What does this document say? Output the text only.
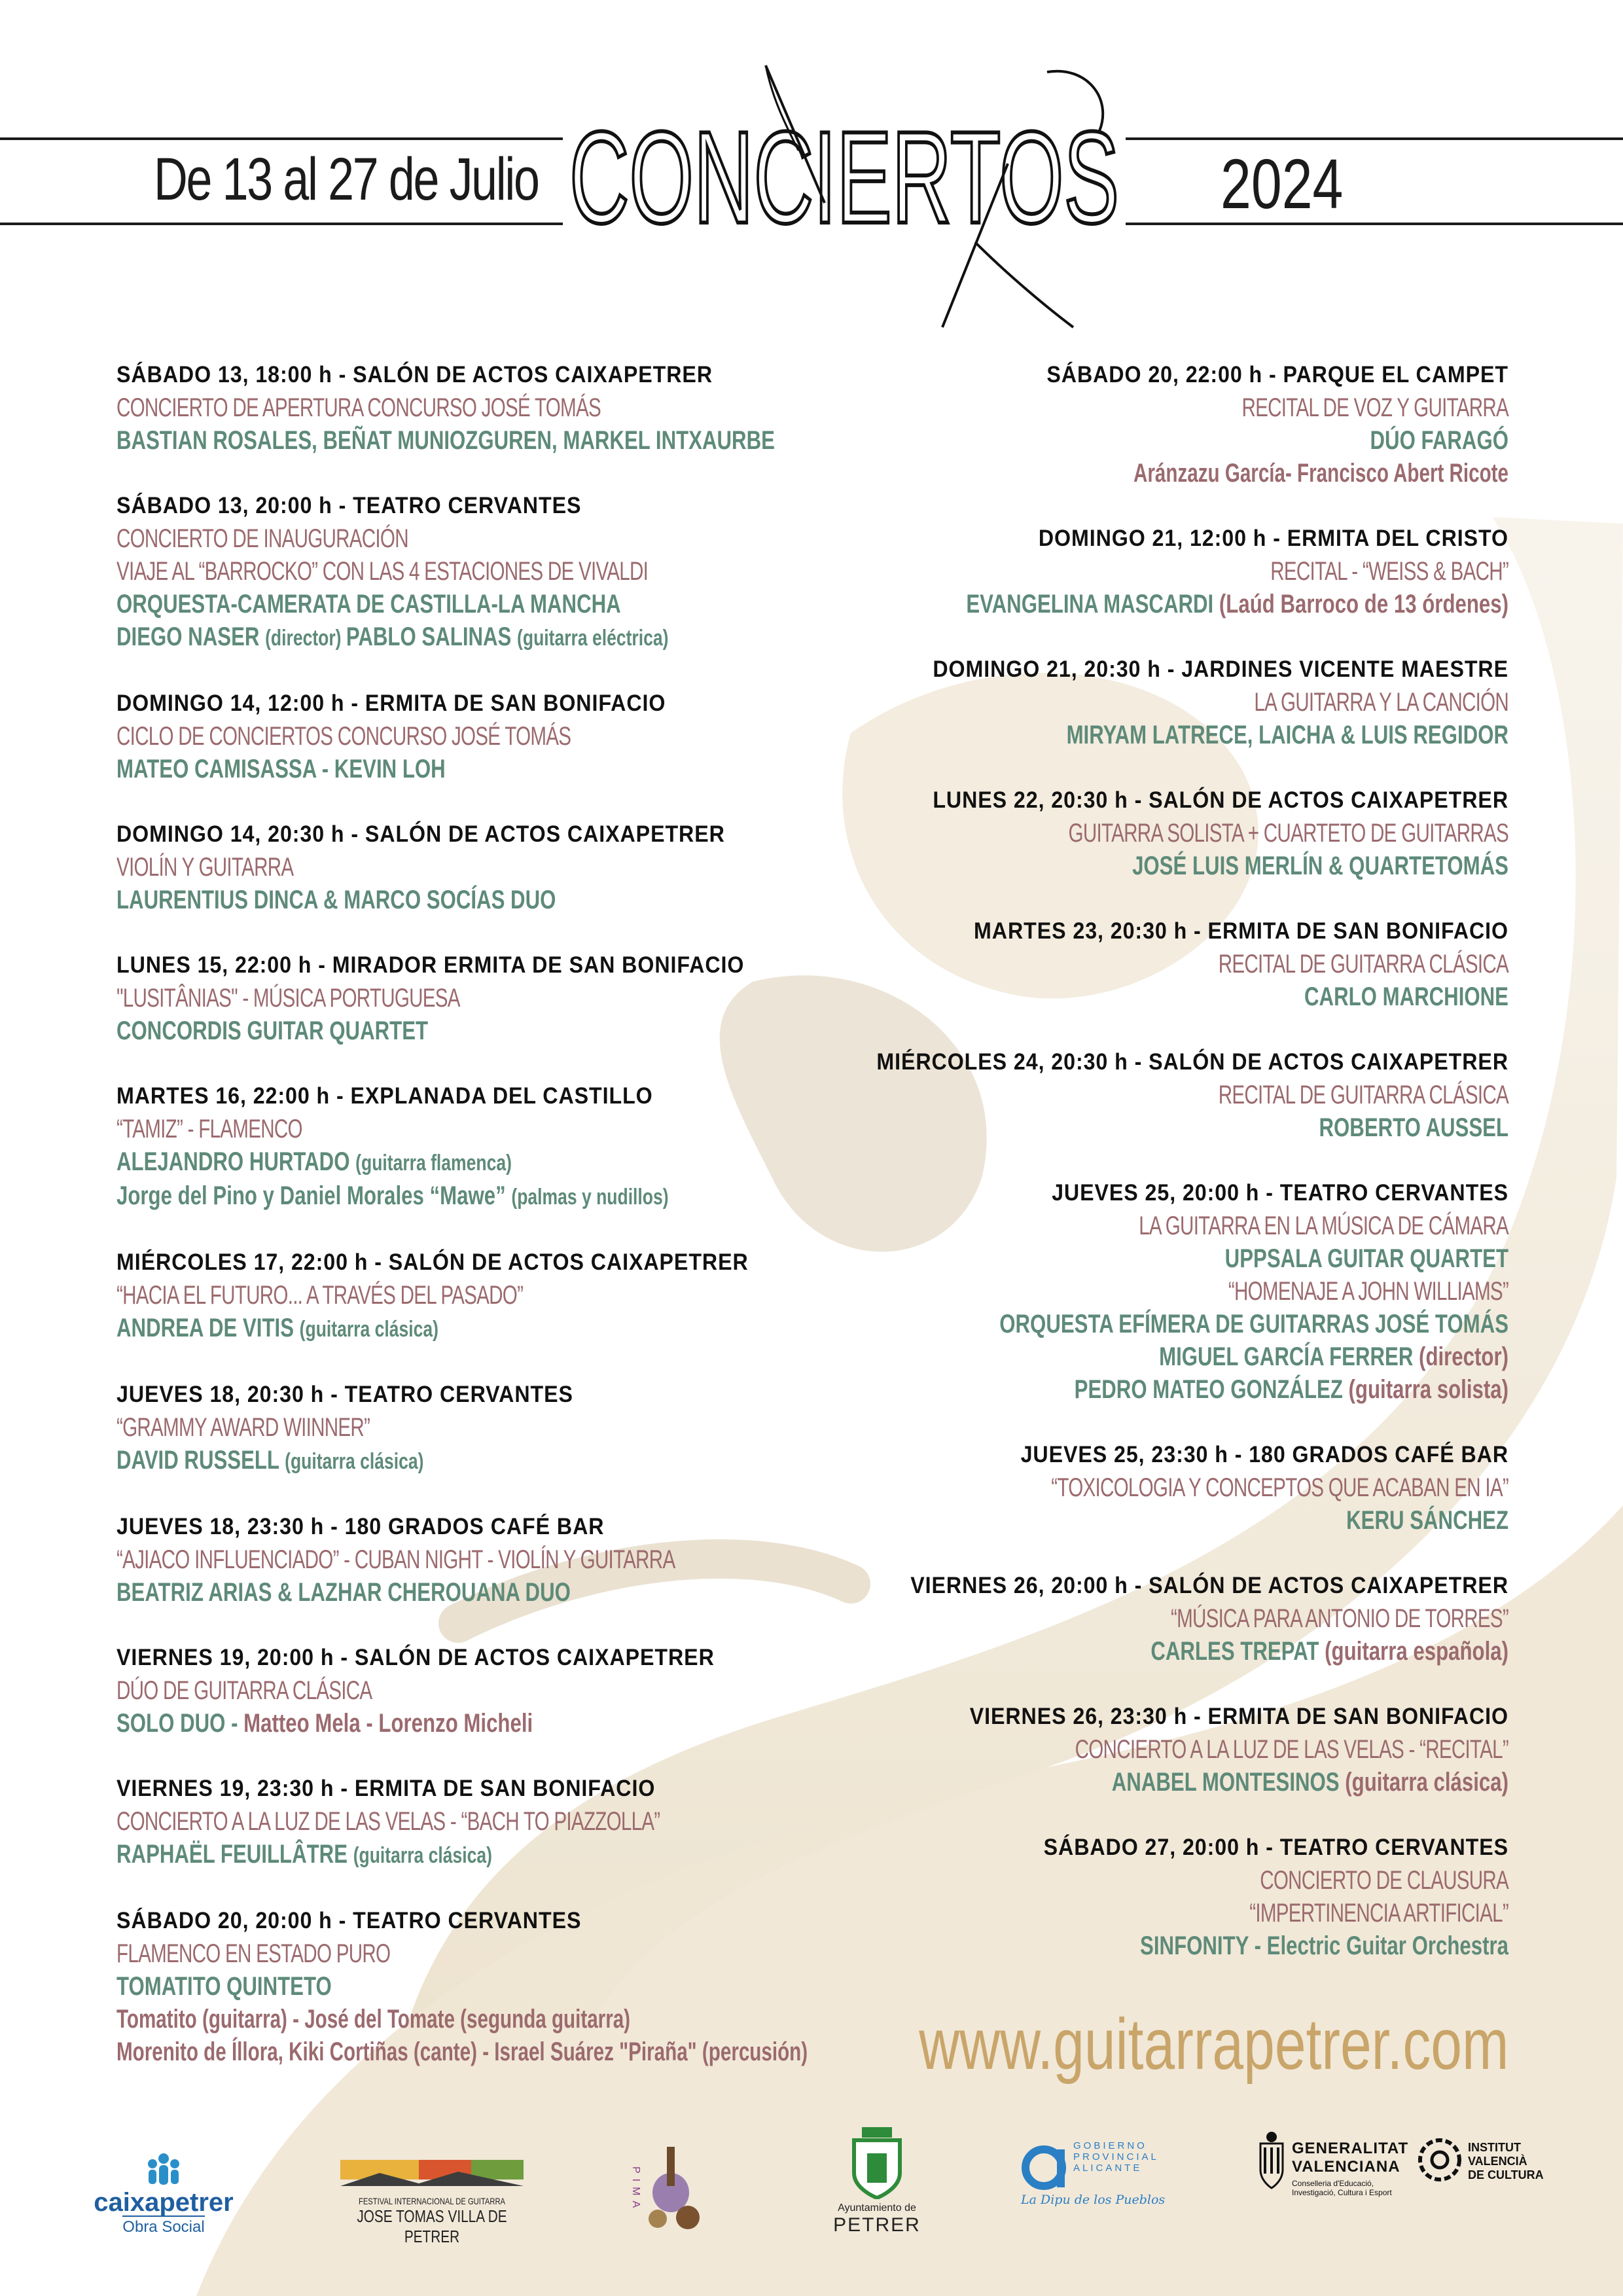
De 13 al 27 de Julio	2024
CONCIERTOS
SÁBADO 13, 18:00 h - SALÓN DE ACTOS CAIXAPETRER
CONCIERTO DE APERTURA CONCURSO JOSÉ TOMÁS
BASTIAN ROSALES, BEÑAT MUNIOZGUREN, MARKEL INTXAURBE
SÁBADO 13, 20:00 h - TEATRO CERVANTES
CONCIERTO DE INAUGURACIÓN
VIAJE AL “BARROCKO” CON LAS 4 ESTACIONES DE VIVALDI
ORQUESTA-CAMERATA DE CASTILLA-LA MANCHA
DIEGO NASER (director) PABLO SALINAS (guitarra eléctrica)
DOMINGO 14, 12:00 h - ERMITA DE SAN BONIFACIO
CICLO DE CONCIERTOS CONCURSO JOSÉ TOMÁS
MATEO CAMISASSA - KEVIN LOH
DOMINGO 14, 20:30 h - SALÓN DE ACTOS CAIXAPETRER
VIOLÍN Y GUITARRA
LAURENTIUS DINCA & MARCO SOCÍAS DUO
LUNES 15, 22:00 h - MIRADOR ERMITA DE SAN BONIFACIO
"LUSITÂNIAS" - MÚSICA PORTUGUESA
CONCORDIS GUITAR QUARTET
MARTES 16, 22:00 h - EXPLANADA DEL CASTILLO
“TAMIZ” - FLAMENCO
ALEJANDRO HURTADO (guitarra flamenca)
Jorge del Pino y Daniel Morales “Mawe” (palmas y nudillos)
MIÉRCOLES 17, 22:00 h - SALÓN DE ACTOS CAIXAPETRER
“HACIA EL FUTURO... A TRAVÉS DEL PASADO”
ANDREA DE VITIS (guitarra clásica)
JUEVES 18, 20:30 h - TEATRO CERVANTES
“GRAMMY AWARD WIINNER”
DAVID RUSSELL (guitarra clásica)
JUEVES 18, 23:30 h - 180 GRADOS CAFÉ BAR
“AJIACO INFLUENCIADO” - CUBAN NIGHT - VIOLÍN Y GUITARRA
BEATRIZ ARIAS & LAZHAR CHEROUANA DUO
VIERNES 19, 20:00 h - SALÓN DE ACTOS CAIXAPETRER
DÚO DE GUITARRA CLÁSICA
SOLO DUO - Matteo Mela - Lorenzo Micheli
VIERNES 19, 23:30 h - ERMITA DE SAN BONIFACIO
CONCIERTO A LA LUZ DE LAS VELAS - “BACH TO PIAZZOLLA”
RAPHAËL FEUILLÂTRE (guitarra clásica)
SÁBADO 20, 20:00 h - TEATRO CERVANTES
FLAMENCO EN ESTADO PURO
TOMATITO QUINTETO
Tomatito (guitarra) - José del Tomate (segunda guitarra)
Morenito de Íllora, Kiki Cortiñas (cante) - Israel Suárez "Piraña" (percusión)
SÁBADO 20, 22:00 h - PARQUE EL CAMPET
RECITAL DE VOZ Y GUITARRA
DÚO FARAGÓ
Aránzazu García- Francisco Abert Ricote
DOMINGO 21, 12:00 h - ERMITA DEL CRISTO
RECITAL - “WEISS & BACH”
EVANGELINA MASCARDI (Laúd Barroco de 13 órdenes)
DOMINGO 21, 20:30 h - JARDINES VICENTE MAESTRE
LA GUITARRA Y LA CANCIÓN
MIRYAM LATRECE, LAICHA & LUIS REGIDOR
LUNES 22, 20:30 h - SALÓN DE ACTOS CAIXAPETRER
GUITARRA SOLISTA + CUARTETO DE GUITARRAS
JOSÉ LUIS MERLÍN & QUARTETOMÁS
MARTES 23, 20:30 h - ERMITA DE SAN BONIFACIO
RECITAL DE GUITARRA CLÁSICA
CARLO MARCHIONE
MIÉRCOLES 24, 20:30 h - SALÓN DE ACTOS CAIXAPETRER
RECITAL DE GUITARRA CLÁSICA
ROBERTO AUSSEL
JUEVES 25, 20:00 h - TEATRO CERVANTES
LA GUITARRA EN LA MÚSICA DE CÁMARA
UPPSALA GUITAR QUARTET
“HOMENAJE A JOHN WILLIAMS”
ORQUESTA EFÍMERA DE GUITARRAS JOSÉ TOMÁS
MIGUEL GARCÍA FERRER (director)
PEDRO MATEO GONZÁLEZ (guitarra solista)
JUEVES 25, 23:30 h - 180 GRADOS CAFÉ BAR
“TOXICOLOGIA Y CONCEPTOS QUE ACABAN EN IA”
KERU SÁNCHEZ
VIERNES 26, 20:00 h - SALÓN DE ACTOS CAIXAPETRER
“MÚSICA PARA ANTONIO DE TORRES”
CARLES TREPAT (guitarra española)
VIERNES 26, 23:30 h - ERMITA DE SAN BONIFACIO
CONCIERTO A LA LUZ DE LAS VELAS - “RECITAL”
ANABEL MONTESINOS (guitarra clásica)
SÁBADO 27, 20:00 h - TEATRO CERVANTES
CONCIERTO DE CLAUSURA
“IMPERTINENCIA ARTIFICIAL”
SINFONITY - Electric Guitar Orchestra
www.guitarrapetrer.com
caixapetrer
Obra Social
FESTIVAL INTERNACIONAL DE GUITARRA
JOSE TOMAS VILLA DE PETRER
PIMA	Ayuntamiento de
PETRER
GOBIERNO
PROVINCIAL
ALICANTE
La Dipu de los Pueblos
GENERALITAT
VALENCIANA
Conselleria d'Educació,
Investigació, Cultura i Esport
INSTITUT
VALENCIÀ
DE CULTURA
